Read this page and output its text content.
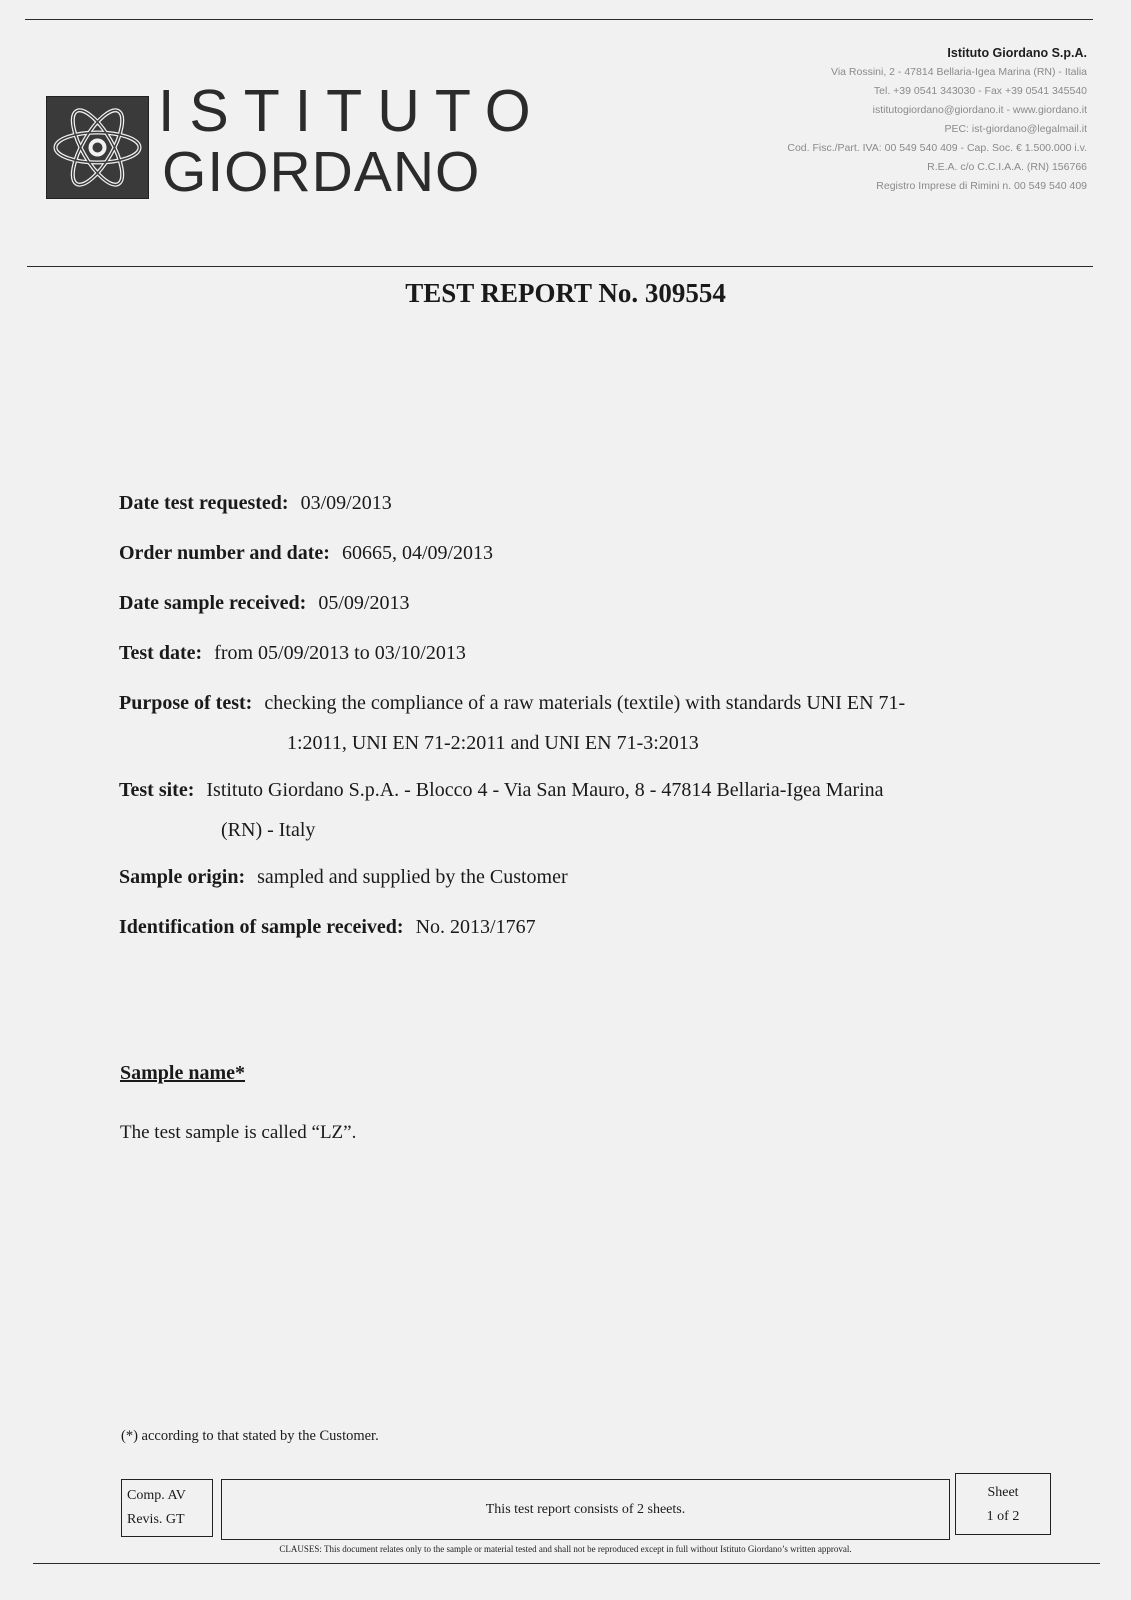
ISTITUTO
GIORDANO
Istituto Giordano S.p.A.
Via Rossini, 2 - 47814 Bellaria-Igea Marina (RN) - Italia
Tel. +39 0541 343030 - Fax +39 0541 345540
istitutogiordano@giordano.it - www.giordano.it
PEC: ist-giordano@legalmail.it
Cod. Fisc./Part. IVA: 00 549 540 409 - Cap. Soc. € 1.500.000 i.v.
R.E.A. c/o C.C.I.A.A. (RN) 156766
Registro Imprese di Rimini n. 00 549 540 409
TEST REPORT No. 309554
Date test requested: 03/09/2013
Order number and date: 60665, 04/09/2013
Date sample received: 05/09/2013
Test date: from 05/09/2013 to 03/10/2013
Purpose of test: checking the compliance of a raw materials (textile) with standards UNI EN 71-
1:2011, UNI EN 71-2:2011 and UNI EN 71-3:2013
Test site: Istituto Giordano S.p.A. - Blocco 4 - Via San Mauro, 8 - 47814 Bellaria-Igea Marina
(RN) - Italy
Sample origin: sampled and supplied by the Customer
Identification of sample received: No. 2013/1767
Sample name*
The test sample is called “LZ”.
(*) according to that stated by the Customer.
Comp. AV
Revis. GT
This test report consists of 2 sheets.
Sheet
1 of 2
CLAUSES: This document relates only to the sample or material tested and shall not be reproduced except in full without Istituto Giordano’s written approval.
